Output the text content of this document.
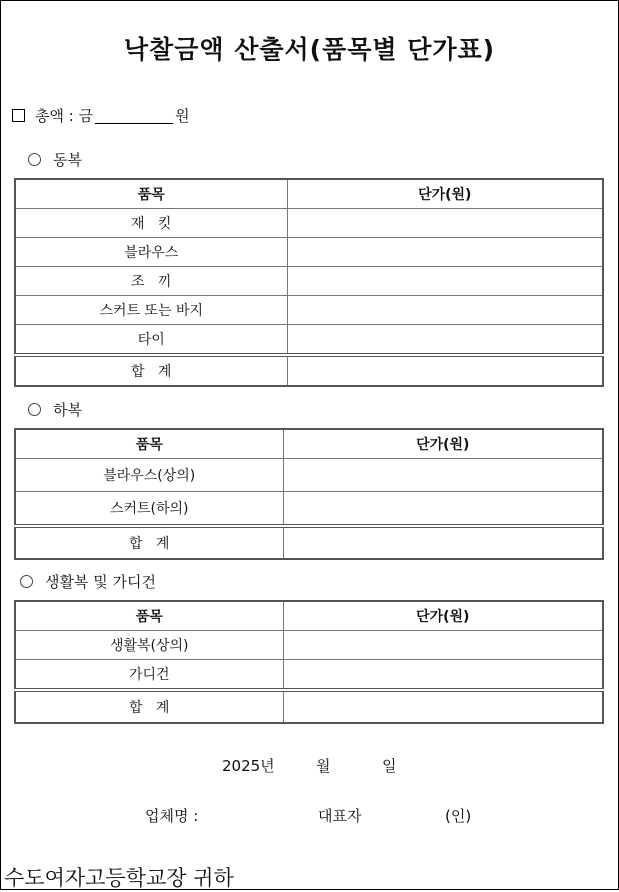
낙찰금액 산출서(품목별 단가표)
총액 : 금	원
동복
품목	단가(원)
재   킷	
블라우스	
조   끼	
스커트 또는 바지	
타이	
합   계	
하복
품목	단가(원)
블라우스(상의)	
스커트(하의)	
합   계	
생활복 및 가디건
품목	단가(원)
생활복(상의)	
가디건	
합   계	
2025년	월	일
업체명 :	대표자	(인)
수도여자고등학교장 귀하
